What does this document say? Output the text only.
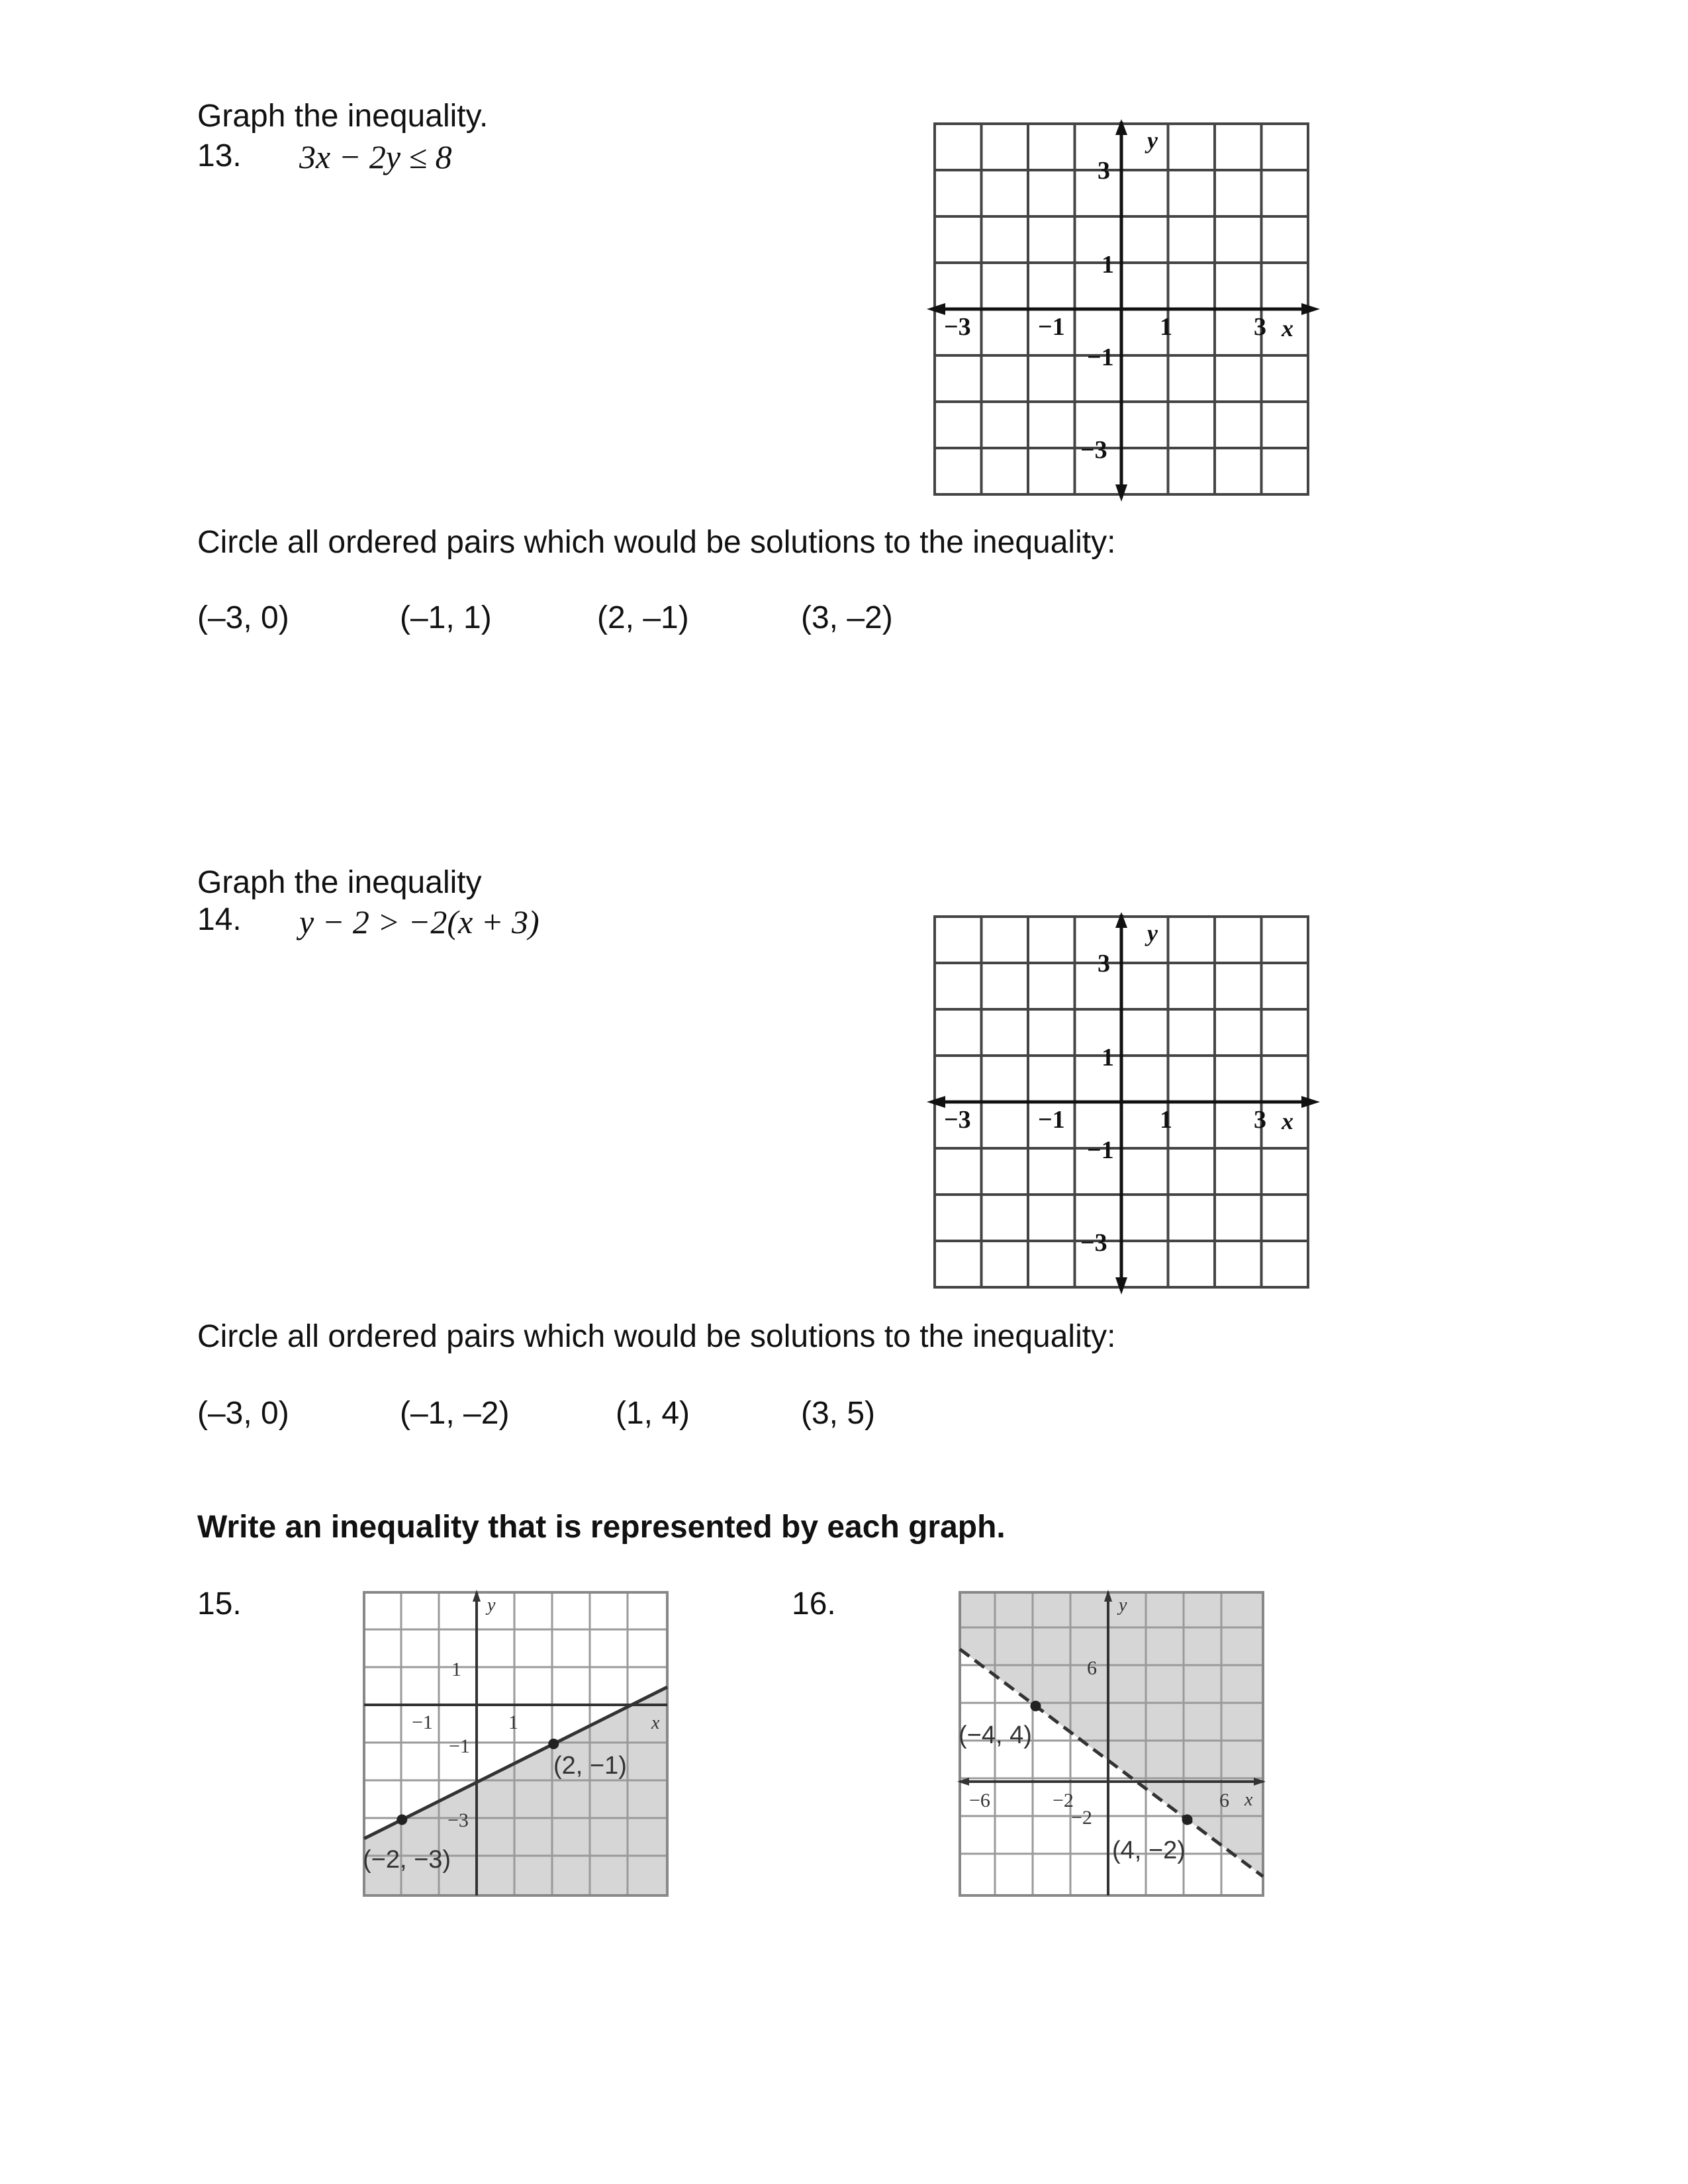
Graph the inequality.
13. 3x − 2y ≤ 8	y
x
3
1
−1
−3
−3	−1	1	3
Circle all ordered pairs which would be solutions to the inequality:
(–3, 0)	(–1, 1)	(2, –1)	(3, –2)
Graph the inequality
14. y − 2 > −2(x + 3)	y
x
3
1
−1
−3
−3	−1	1	3
Circle all ordered pairs which would be solutions to the inequality:
(–3, 0)	(–1, –2)	(1, 4)	(3, 5)
Write an inequality that is represented by each graph.
15.	y
x
1
−1
−3
−1	1
(2, −1)
(−2, −3)
16.	y
x
6
−2
−6	−2	6
(−4, 4)
(4, −2)
